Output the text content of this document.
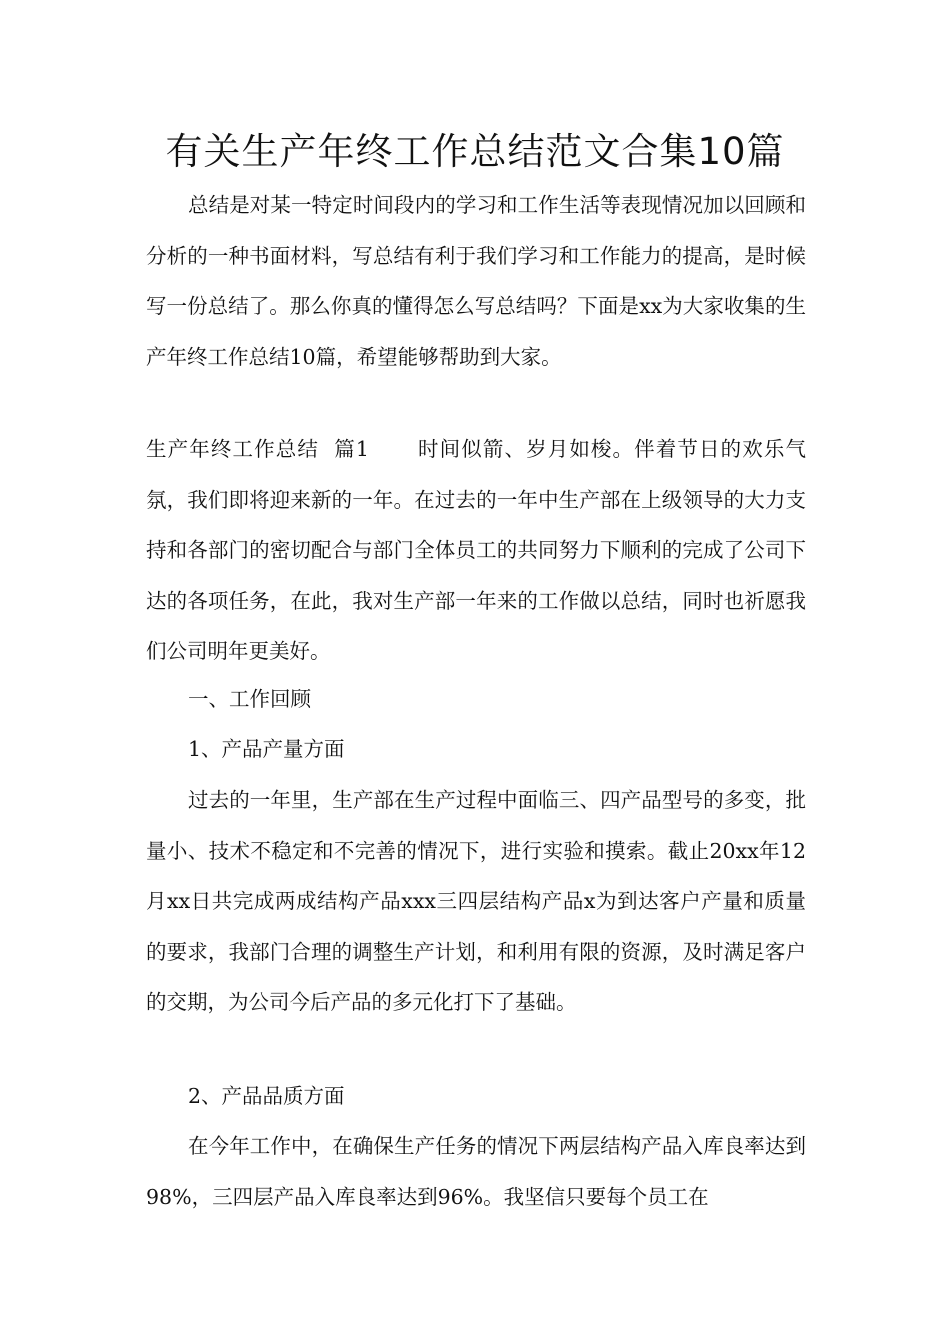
有关生产年终工作总结范文合集10篇

总结是对某一特定时间段内的学习和工作生活等表现情况加以回顾和分析的一种书面材料，写总结有利于我们学习和工作能力的提高，是时候写一份总结了。那么你真的懂得怎么写总结吗？下面是xx为大家收集的生产年终工作总结10篇，希望能够帮助到大家。

生产年终工作总结  篇1 时间似箭、岁月如梭。伴着节日的欢乐气氛，我们即将迎来新的一年。在过去的一年中生产部在上级领导的大力支持和各部门的密切配合与部门全体员工的共同努力下顺利的完成了公司下达的各项任务，在此，我对生产部一年来的工作做以总结，同时也祈愿我们公司明年更美好。

一、工作回顾

1、产品产量方面

过去的一年里，生产部在生产过程中面临三、四产品型号的多变，批量小、技术不稳定和不完善的情况下，进行实验和摸索。截止20xx年12月xx日共完成两成结构产品xxx三四层结构产品x为到达客户产量和质量的要求，我部门合理的调整生产计划，和利用有限的资源，及时满足客户的交期，为公司今后产品的多元化打下了基础。

2、产品品质方面

在今年工作中，在确保生产任务的情况下两层结构产品入库良率达到98%，三四层产品入库良率达到96%。我坚信只要每个员工在
